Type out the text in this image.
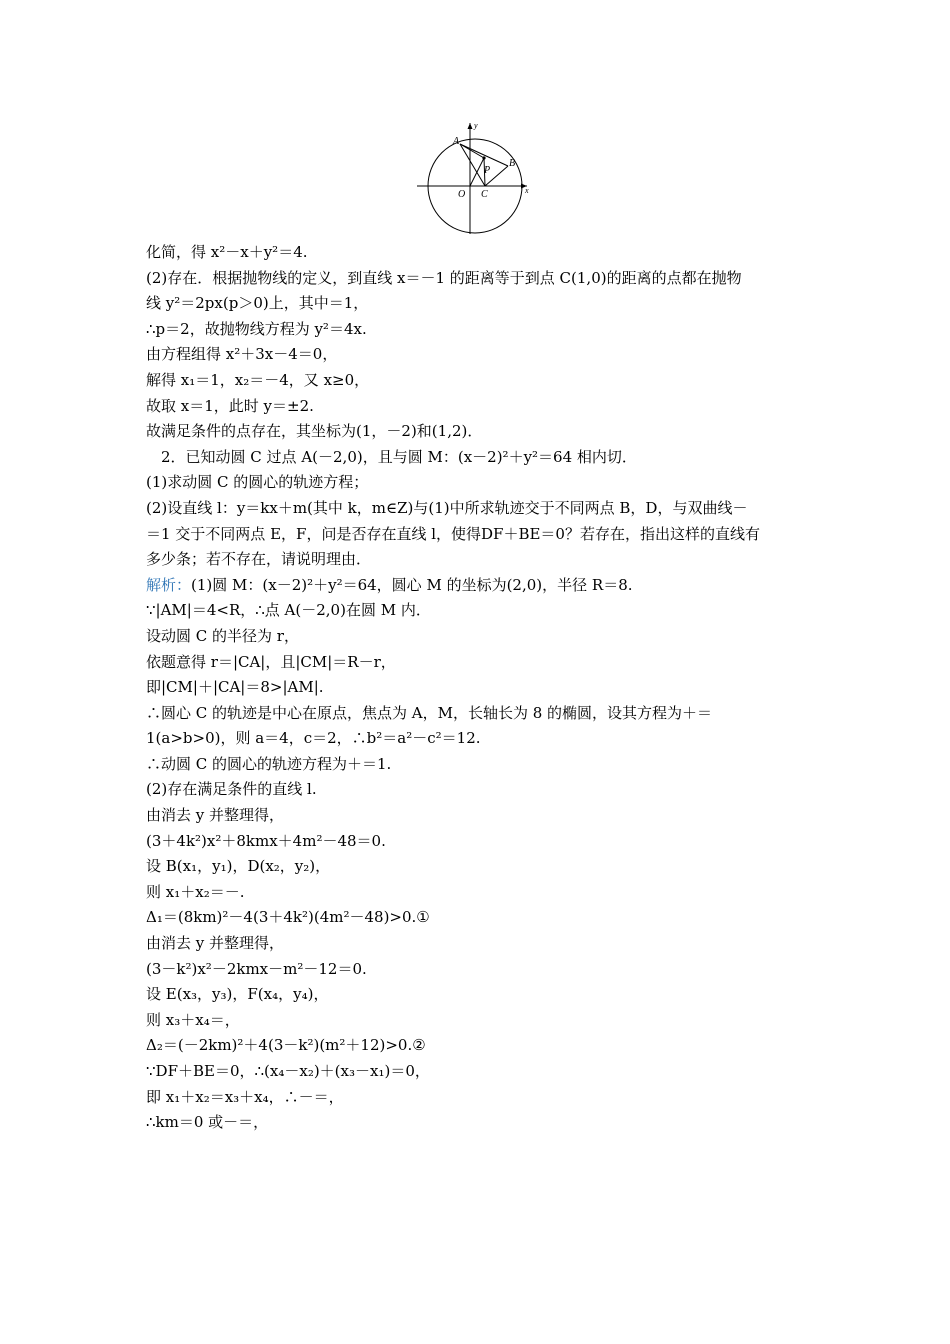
A
B
P
O C	x
y
化简，得 x²－x＋y²＝4.
(2)存在．根据抛物线的定义，到直线 x＝－1 的距离等于到点 C(1,0)的距离的点都在抛物
线 y²＝2px(p＞0)上，其中＝1，
∴p＝2，故抛物线方程为 y²＝4x.
由方程组得 x²＋3x－4＝0，
解得 x₁＝1，x₂＝－4，又 x≥0，
故取 x＝1，此时 y＝±2.
故满足条件的点存在，其坐标为(1，－2)和(1,2)．
　2．已知动圆 C 过点 A(－2,0)，且与圆 M：(x－2)²＋y²＝64 相内切．
(1)求动圆 C 的圆心的轨迹方程；
(2)设直线 l：y＝kx＋m(其中 k，m∈Z)与(1)中所求轨迹交于不同两点 B，D，与双曲线－
＝1 交于不同两点 E，F，问是否存在直线 l，使得DF＋BE＝0？若存在，指出这样的直线有
多少条；若不存在，请说明理由．
解析：(1)圆 M：(x－2)²＋y²＝64，圆心 M 的坐标为(2,0)，半径 R＝8.
∵|AM|＝4<R，∴点 A(－2,0)在圆 M 内．
设动圆 C 的半径为 r，
依题意得 r＝|CA|，且|CM|＝R－r，
即|CM|＋|CA|＝8>|AM|.
∴圆心 C 的轨迹是中心在原点，焦点为 A，M，长轴长为 8 的椭圆，设其方程为＋＝
1(a>b>0)，则 a＝4，c＝2，∴b²＝a²－c²＝12.
∴动圆 C 的圆心的轨迹方程为＋＝1.
(2)存在满足条件的直线 l.
由消去 y 并整理得，
(3＋4k²)x²＋8kmx＋4m²－48＝0.
设 B(x₁，y₁)，D(x₂，y₂)，
则 x₁＋x₂＝－.
Δ₁＝(8km)²－4(3＋4k²)(4m²－48)>0.①
由消去 y 并整理得，
(3－k²)x²－2kmx－m²－12＝0.
设 E(x₃，y₃)，F(x₄，y₄)，
则 x₃＋x₄＝，
Δ₂＝(－2km)²＋4(3－k²)(m²＋12)>0.②
∵DF＋BE＝0，∴(x₄－x₂)＋(x₃－x₁)＝0，
即 x₁＋x₂＝x₃＋x₄，∴－＝，
∴km＝0 或－＝，
